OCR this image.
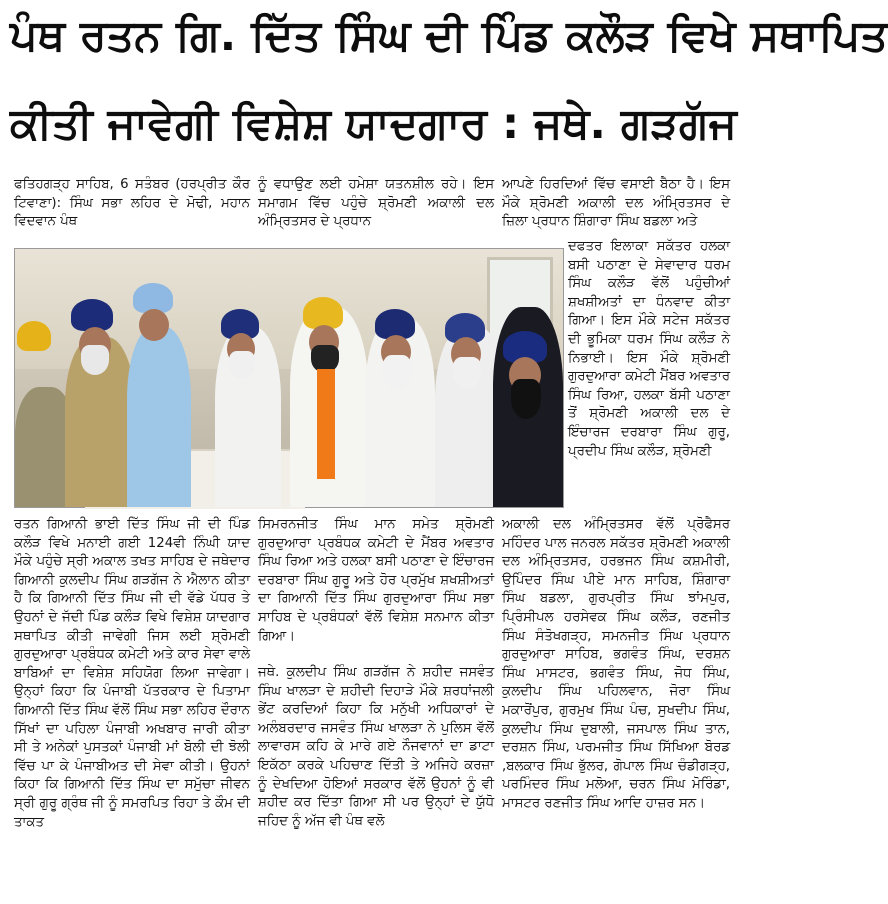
ਪੰਥ ਰਤਨ ਗਿ. ਦਿੱਤ ਸਿੰਘ ਦੀ ਪਿੰਡ ਕਲੌੜ ਵਿਖੇ ਸਥਾਪਿਤ
ਕੀਤੀ ਜਾਵੇਗੀ ਵਿਸ਼ੇਸ਼ ਯਾਦਗਾਰ : ਜਥੇ. ਗੜਗੱਜ
ਫਤਿਹਗੜ੍ਹ ਸਾਹਿਬ, 6 ਸਤੰਬਰ (ਹਰਪ੍ਰੀਤ ਕੌਰ ਟਿਵਾਣਾ): ਸਿੰਘ ਸਭਾ ਲਹਿਰ ਦੇ ਮੋਢੀ, ਮਹਾਨ ਵਿਦਵਾਨ ਪੰਥ
ਨੂੰ ਵਧਾਉਣ ਲਈ ਹਮੇਸ਼ਾ ਯਤਨਸ਼ੀਲ ਰਹੇ। ਇਸ ਸਮਾਗਮ ਵਿੱਚ ਪਹੁੰਚੇ ਸ਼੍ਰੋਮਣੀ ਅਕਾਲੀ ਦਲ ਅੰਮ੍ਰਿਤਸਰ ਦੇ ਪ੍ਰਧਾਨ
ਆਪਣੇ ਹਿਰਦਿਆਂ ਵਿੱਚ ਵਸਾਈ ਬੈਠਾ ਹੈ। ਇਸ ਮੌਕੇ ਸ਼੍ਰੋਮਣੀ ਅਕਾਲੀ ਦਲ ਅੰਮ੍ਰਿਤਸਰ ਦੇ ਜ਼ਿਲਾ ਪ੍ਰਧਾਨ ਸ਼ਿੰਗਾਰਾ ਸਿੰਘ ਬਡਲਾ ਅਤੇ
ਦਫਤਰ ਇਲਾਕਾ ਸਕੱਤਰ ਹਲਕਾ ਬਸੀ ਪਠਾਣਾ ਦੇ ਸੇਵਾਦਾਰ ਧਰਮ ਸਿੰਘ ਕਲੌੜ ਵੱਲੋਂ ਪਹੁੰਚੀਆਂ ਸ਼ਖਸ਼ੀਅਤਾਂ ਦਾ ਧੰਨਵਾਦ ਕੀਤਾ ਗਿਆ। ਇਸ ਮੌਕੇ ਸਟੇਜ ਸਕੱਤਰ ਦੀ ਭੂਮਿਕਾ ਧਰਮ ਸਿੰਘ ਕਲੌੜ ਨੇ ਨਿਭਾਈ। ਇਸ ਮੌਕੇ ਸ਼੍ਰੋਮਣੀ ਗੁਰਦੁਆਰਾ ਕਮੇਟੀ ਮੈਂਬਰ ਅਵਤਾਰ ਸਿੰਘ ਰਿਆ, ਹਲਕਾ ਬੱਸੀ ਪਠਾਣਾ ਤੋਂ ਸ਼੍ਰੋਮਣੀ ਅਕਾਲੀ ਦਲ ਦੇ ਇੰਚਾਰਜ ਦਰਬਾਰਾ ਸਿੰਘ ਗੁਰੂ, ਪ੍ਰਦੀਪ ਸਿੰਘ ਕਲੌੜ, ਸ਼੍ਰੋਮਣੀ
ਰਤਨ ਗਿਆਨੀ ਭਾਈ ਦਿੱਤ ਸਿੰਘ ਜੀ ਦੀ ਪਿੰਡ ਕਲੌੜ ਵਿਖੇ ਮਨਾਈ ਗਈ 124ਵੀ ਨਿੰਘੀ ਯਾਦ ਮੌਕੇ ਪਹੁੰਚੇ ਸ੍ਰੀ ਅਕਾਲ ਤਖਤ ਸਾਹਿਬ ਦੇ ਜਥੇਦਾਰ ਗਿਆਨੀ ਕੁਲਦੀਪ ਸਿੰਘ ਗੜਗੱਜ ਨੇ ਐਲਾਨ ਕੀਤਾ ਹੈ ਕਿ ਗਿਆਨੀ ਦਿੱਤ ਸਿੰਘ ਜੀ ਦੀ ਵੱਡੇ ਪੱਧਰ ਤੇ ਉਹਨਾਂ ਦੇ ਜੱਦੀ ਪਿੰਡ ਕਲੌੜ ਵਿਖੇ ਵਿਸ਼ੇਸ਼ ਯਾਦਗਾਰ ਸਥਾਪਿਤ ਕੀਤੀ ਜਾਵੇਗੀ ਜਿਸ ਲਈ ਸ਼੍ਰੋਮਣੀ ਗੁਰਦੁਆਰਾ ਪ੍ਰਬੰਧਕ ਕਮੇਟੀ ਅਤੇ ਕਾਰ ਸੇਵਾ ਵਾਲੇ ਬਾਬਿਆਂ ਦਾ ਵਿਸ਼ੇਸ਼ ਸਹਿਯੋਗ ਲਿਆ ਜਾਵੇਗਾ। ਉਨ੍ਹਾਂ ਕਿਹਾ ਕਿ ਪੰਜਾਬੀ ਪੱਤਰਕਾਰ ਦੇ ਪਿਤਾਮਾ ਗਿਆਨੀ ਦਿੱਤ ਸਿੰਘ ਵੱਲੋਂ ਸਿੰਘ ਸਭਾ ਲਹਿਰ ਦੌਰਾਨ ਸਿੱਖਾਂ ਦਾ ਪਹਿਲਾ ਪੰਜਾਬੀ ਅਖਬਾਰ ਜਾਰੀ ਕੀਤਾ ਸੀ ਤੇ ਅਨੇਕਾਂ ਪੁਸਤਕਾਂ ਪੰਜਾਬੀ ਮਾਂ ਬੋਲੀ ਦੀ ਝੋਲੀ ਵਿੱਚ ਪਾ ਕੇ ਪੰਜਾਬੀਅਤ ਦੀ ਸੇਵਾ ਕੀਤੀ। ਉਹਨਾਂ ਕਿਹਾ ਕਿ ਗਿਆਨੀ ਦਿੱਤ ਸਿੰਘ ਦਾ ਸਮੁੱਚਾ ਜੀਵਨ ਸ੍ਰੀ ਗੁਰੂ ਗ੍ਰੰਥ ਜੀ ਨੂੰ ਸਮਰਪਿਤ ਰਿਹਾ ਤੇ ਕੌਮ ਦੀ ਤਾਕਤ
ਸਿਮਰਨਜੀਤ ਸਿੰਘ ਮਾਨ ਸਮੇਤ ਸ਼੍ਰੋਮਣੀ ਗੁਰਦੁਆਰਾ ਪ੍ਰਬੰਧਕ ਕਮੇਟੀ ਦੇ ਮੈਂਬਰ ਅਵਤਾਰ ਸਿੰਘ ਰਿਆ ਅਤੇ ਹਲਕਾ ਬਸੀ ਪਠਾਣਾ ਦੇ ਇੰਚਾਰਜ ਦਰਬਾਰਾ ਸਿੰਘ ਗੁਰੂ ਅਤੇ ਹੋਰ ਪ੍ਰਮੁੱਖ ਸ਼ਖਸ਼ੀਅਤਾਂ ਦਾ ਗਿਆਨੀ ਦਿੱਤ ਸਿੰਘ ਗੁਰਦੁਆਰਾ ਸਿੰਘ ਸਭਾ ਸਾਹਿਬ ਦੇ ਪ੍ਰਬੰਧਕਾਂ ਵੱਲੋਂ ਵਿਸ਼ੇਸ਼ ਸਨਮਾਨ ਕੀਤਾ ਗਿਆ।
ਜਥੇ. ਕੁਲਦੀਪ ਸਿੰਘ ਗੜਗੱਜ ਨੇ ਸ਼ਹੀਦ ਜਸਵੰਤ ਸਿੰਘ ਖਾਲੜਾ ਦੇ ਸ਼ਹੀਦੀ ਦਿਹਾੜੇ ਮੌਕੇ ਸ਼ਰਧਾਂਜਲੀ ਭੇਂਟ ਕਰਦਿਆਂ ਕਿਹਾ ਕਿ ਮਨੁੱਖੀ ਅਧਿਕਾਰਾਂ ਦੇ ਅਲੰਬਰਦਾਰ ਜਸਵੰਤ ਸਿੰਘ ਖਾਲੜਾ ਨੇ ਪੁਲਿਸ ਵੱਲੋਂ ਲਾਵਾਰਸ ਕਹਿ ਕੇ ਮਾਰੇ ਗਏ ਨੌਜਵਾਨਾਂ ਦਾ ਡਾਟਾ ਇਕੱਠਾ ਕਰਕੇ ਪਹਿਚਾਣ ਦਿੱਤੀ ਤੇ ਅਜਿਹੇ ਕਰਜ਼ਾ ਨੂੰ ਦੇਖਦਿਆ ਹੋਇਆਂ ਸਰਕਾਰ ਵੱਲੋਂ ਉਹਨਾਂ ਨੂੰ ਵੀ ਸ਼ਹੀਦ ਕਰ ਦਿੱਤਾ ਗਿਆ ਸੀ ਪਰ ਉਨ੍ਹਾਂ ਦੇ ਯੁੱਧੋ ਜਹਿਦ ਨੂੰ ਅੱਜ ਵੀ ਪੰਥ ਵਲੋ
ਅਕਾਲੀ ਦਲ ਅੰਮ੍ਰਿਤਸਰ ਵੱਲੋਂ ਪ੍ਰੋਫੈਸਰ ਮਹਿੰਦਰ ਪਾਲ ਜਨਰਲ ਸਕੱਤਰ ਸ਼੍ਰੋਮਣੀ ਅਕਾਲੀ ਦਲ ਅੰਮ੍ਰਿਤਸਰ, ਹਰਭਜਨ ਸਿੰਘ ਕਸ਼ਮੀਰੀ, ਉਪਿੰਦਰ ਸਿੰਘ ਪੀਏ ਮਾਨ ਸਾਹਿਬ, ਸ਼ਿੰਗਾਰਾ ਸਿੰਘ ਬਡਲਾ, ਗੁਰਪ੍ਰੀਤ ਸਿੰਘ ਝਾਂਮਪੁਰ, ਪ੍ਰਿੰਸੀਪਲ ਹਰਸੇਵਕ ਸਿੰਘ ਕਲੌੜ, ਰਣਜੀਤ ਸਿੰਘ ਸੰਤੋਖਗੜ੍ਹ, ਸਮਨਜੀਤ ਸਿੰਘ ਪ੍ਰਧਾਨ ਗੁਰਦੁਆਰਾ ਸਾਹਿਬ, ਭਗਵੰਤ ਸਿੰਘ, ਦਰਸ਼ਨ ਸਿੰਘ ਮਾਸਟਰ, ਭਗਵੰਤ ਸਿੰਘ, ਜੋਧ ਸਿੰਘ, ਕੁਲਦੀਪ ਸਿੰਘ ਪਹਿਲਵਾਨ, ਜੋਰਾ ਸਿੰਘ ਮਕਾਰੋਂਪੁਰ, ਗੁਰਮੁਖ ਸਿੰਘ ਪੰਚ, ਸੁਖਦੀਪ ਸਿੰਘ, ਕੁਲਦੀਪ ਸਿੰਘ ਦੁਬਾਲੀ, ਜਸਪਾਲ ਸਿੰਘ ਤਾਨ, ਦਰਸ਼ਨ ਸਿੰਘ, ਪਰਮਜੀਤ ਸਿੰਘ ਸਿੱਖਿਆ ਬੋਰਡ ,ਬਲਕਾਰ ਸਿੰਘ ਭੁੱਲਰ, ਗੋਪਾਲ ਸਿੰਘ ਚੰਡੀਗੜ੍ਹ, ਪਰਮਿੰਦਰ ਸਿੰਘ ਮਲੋਆ, ਚਰਨ ਸਿੰਘ ਮੋਰਿੰਡਾ, ਮਾਸਟਰ ਰਣਜੀਤ ਸਿੰਘ ਆਦਿ ਹਾਜ਼ਰ ਸਨ।
